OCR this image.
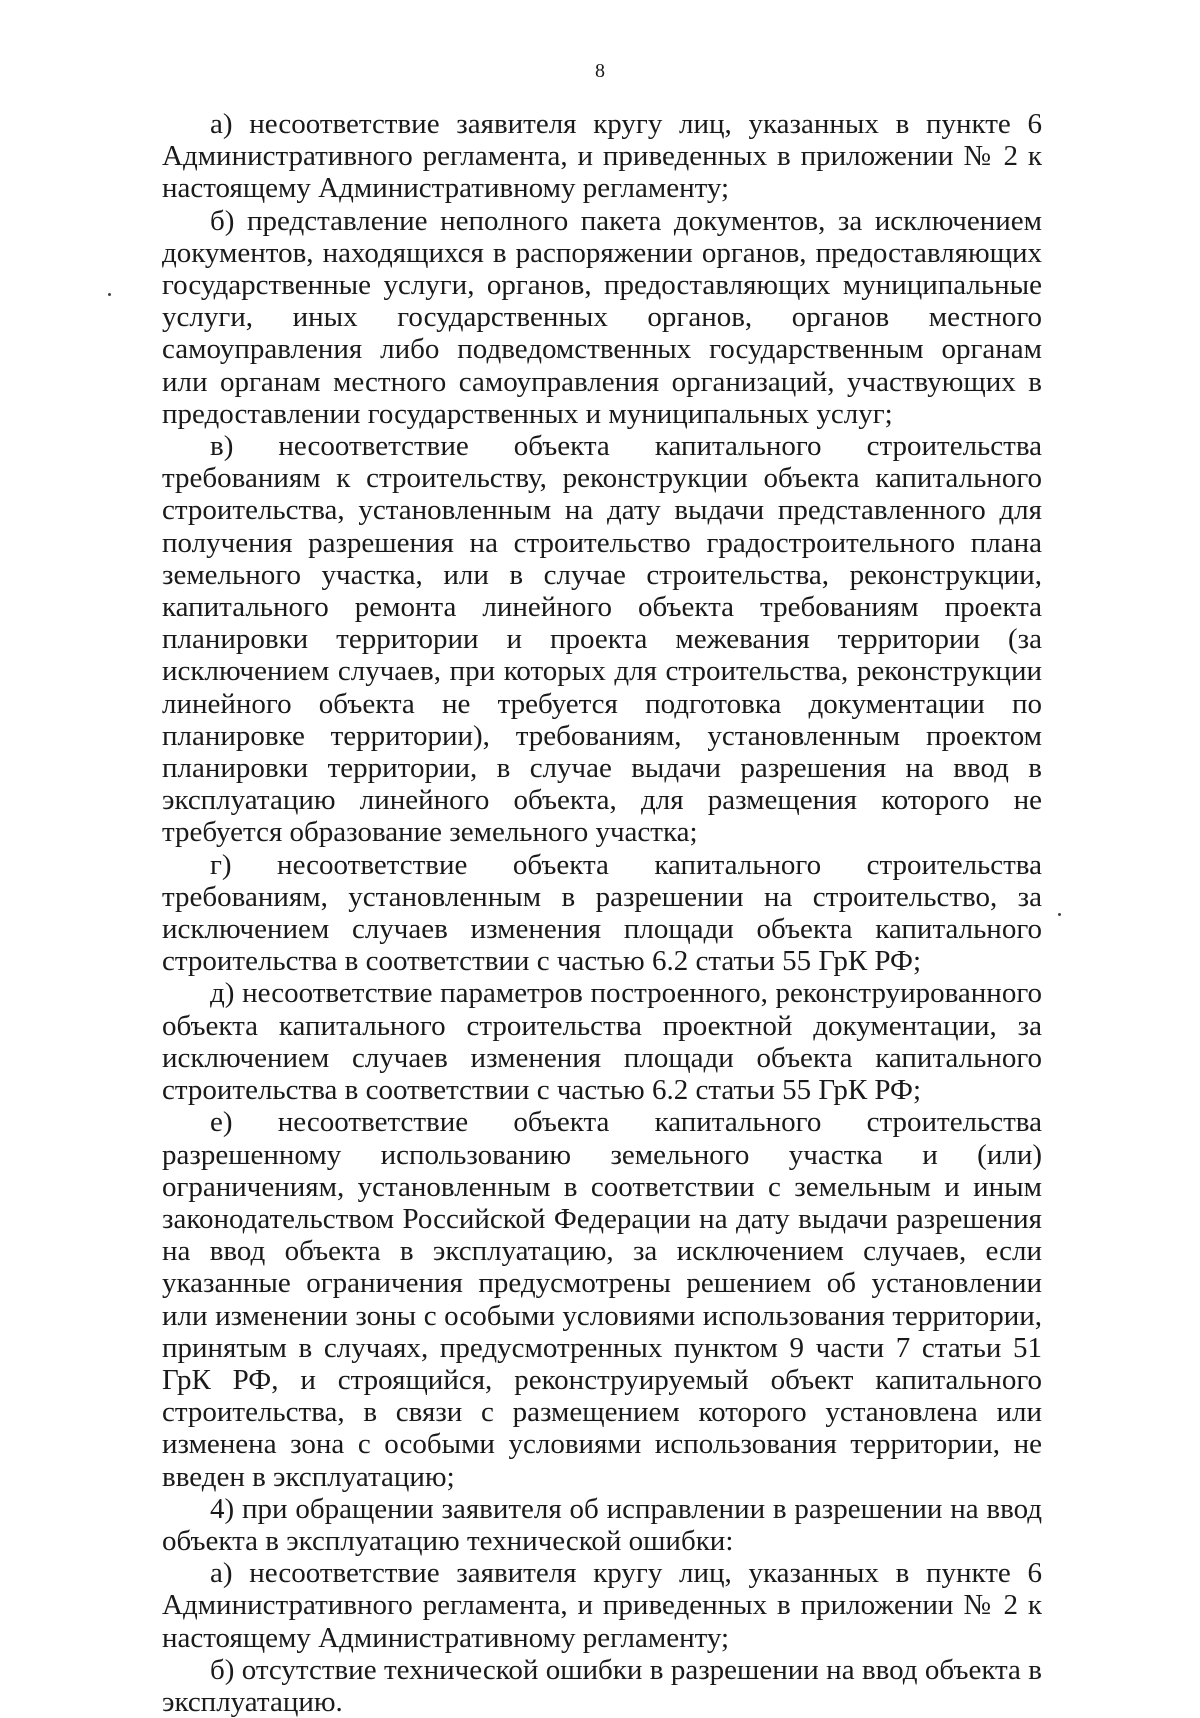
8

а) несоответствие заявителя кругу лиц, указанных в пункте 6 Административного регламента, и приведенных в приложении № 2 к настоящему Административному регламенту;

б) представление неполного пакета документов, за исключением документов, находящихся в распоряжении органов, предоставляющих государственные услуги, органов, предоставляющих муниципальные услуги, иных государственных органов, органов местного самоуправления либо подведомственных государственным органам или органам местного самоуправления организаций, участвующих в предоставлении государственных и муниципальных услуг;

в) несоответствие объекта капитального строительства требованиям к строительству, реконструкции объекта капитального строительства, установленным на дату выдачи представленного для получения разрешения на строительство градостроительного плана земельного участка, или в случае строительства, реконструкции, капитального ремонта линейного объекта требованиям проекта планировки территории и проекта межевания территории (за исключением случаев, при которых для строительства, реконструкции линейного объекта не требуется подготовка документации по планировке территории), требованиям, установленным проектом планировки территории, в случае выдачи разрешения на ввод в эксплуатацию линейного объекта, для размещения которого не требуется образование земельного участка;

г) несоответствие объекта капитального строительства требованиям, установленным в разрешении на строительство, за исключением случаев изменения площади объекта капитального строительства в соответствии с частью 6.2 статьи 55 ГрК РФ;

д) несоответствие параметров построенного, реконструированного объекта капитального строительства проектной документации, за исключением случаев изменения площади объекта капитального строительства в соответствии с частью 6.2 статьи 55 ГрК РФ;

е) несоответствие объекта капитального строительства разрешенному использованию земельного участка и (или) ограничениям, установленным в соответствии с земельным и иным законодательством Российской Федерации на дату выдачи разрешения на ввод объекта в эксплуатацию, за исключением случаев, если указанные ограничения предусмотрены решением об установлении или изменении зоны с особыми условиями использования территории, принятым в случаях, предусмотренных пунктом 9 части 7 статьи 51 ГрК РФ, и строящийся, реконструируемый объект капитального строительства, в связи с размещением которого установлена или изменена зона с особыми условиями использования территории, не введен в эксплуатацию;

4) при обращении заявителя об исправлении в разрешении на ввод объекта в эксплуатацию технической ошибки:

а) несоответствие заявителя кругу лиц, указанных в пункте 6 Административного регламента, и приведенных в приложении № 2 к настоящему Административному регламенту;

б) отсутствие технической ошибки в разрешении на ввод объекта в эксплуатацию.
